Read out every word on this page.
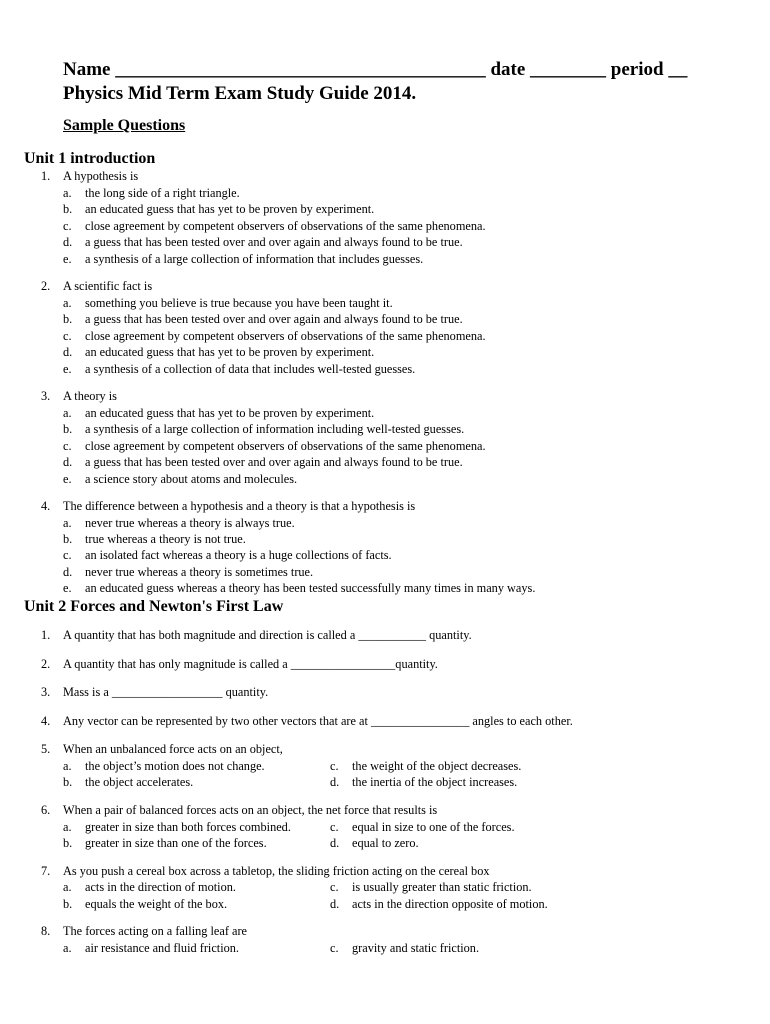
Name _______________________________________ date ________ period __
Physics Mid Term Exam Study Guide 2014.
Sample Questions
Unit 1 introduction
1. A hypothesis is
a. the long side of a right triangle.
b. an educated guess that has yet to be proven by experiment.
c. close agreement by competent observers of observations of the same phenomena.
d. a guess that has been tested over and over again and always found to be true.
e. a synthesis of a large collection of information that includes guesses.
2. A scientific fact is
a. something you believe is true because you have been taught it.
b. a guess that has been tested over and over again and always found to be true.
c. close agreement by competent observers of observations of the same phenomena.
d. an educated guess that has yet to be proven by experiment.
e. a synthesis of a collection of data that includes well-tested guesses.
3. A theory is
a. an educated guess that has yet to be proven by experiment.
b. a synthesis of a large collection of information including well-tested guesses.
c. close agreement by competent observers of observations of the same phenomena.
d. a guess that has been tested over and over again and always found to be true.
e. a science story about atoms and molecules.
4. The difference between a hypothesis and a theory is that a hypothesis is
a. never true whereas a theory is always true.
b. true whereas a theory is not true.
c. an isolated fact whereas a theory is a huge collections of facts.
d. never true whereas a theory is sometimes true.
e. an educated guess whereas a theory has been tested successfully many times in many ways.
Unit 2 Forces and Newton's First Law
1. A quantity that has both magnitude and direction is called a ___________ quantity.
2. A quantity that has only magnitude is called a _________________quantity.
3. Mass is a __________________ quantity.
4. Any vector can be represented by two other vectors that are at ________________ angles to each other.
5. When an unbalanced force acts on an object,
a. the object’s motion does not change.	c. the weight of the object decreases.
b. the object accelerates.	d. the inertia of the object increases.
6. When a pair of balanced forces acts on an object, the net force that results is
a. greater in size than both forces combined.	c. equal in size to one of the forces.
b. greater in size than one of the forces.	d. equal to zero.
7. As you push a cereal box across a tabletop, the sliding friction acting on the cereal box
a. acts in the direction of motion.	c. is usually greater than static friction.
b. equals the weight of the box.	d. acts in the direction opposite of motion.
8. The forces acting on a falling leaf are
a. air resistance and fluid friction.	c. gravity and static friction.
